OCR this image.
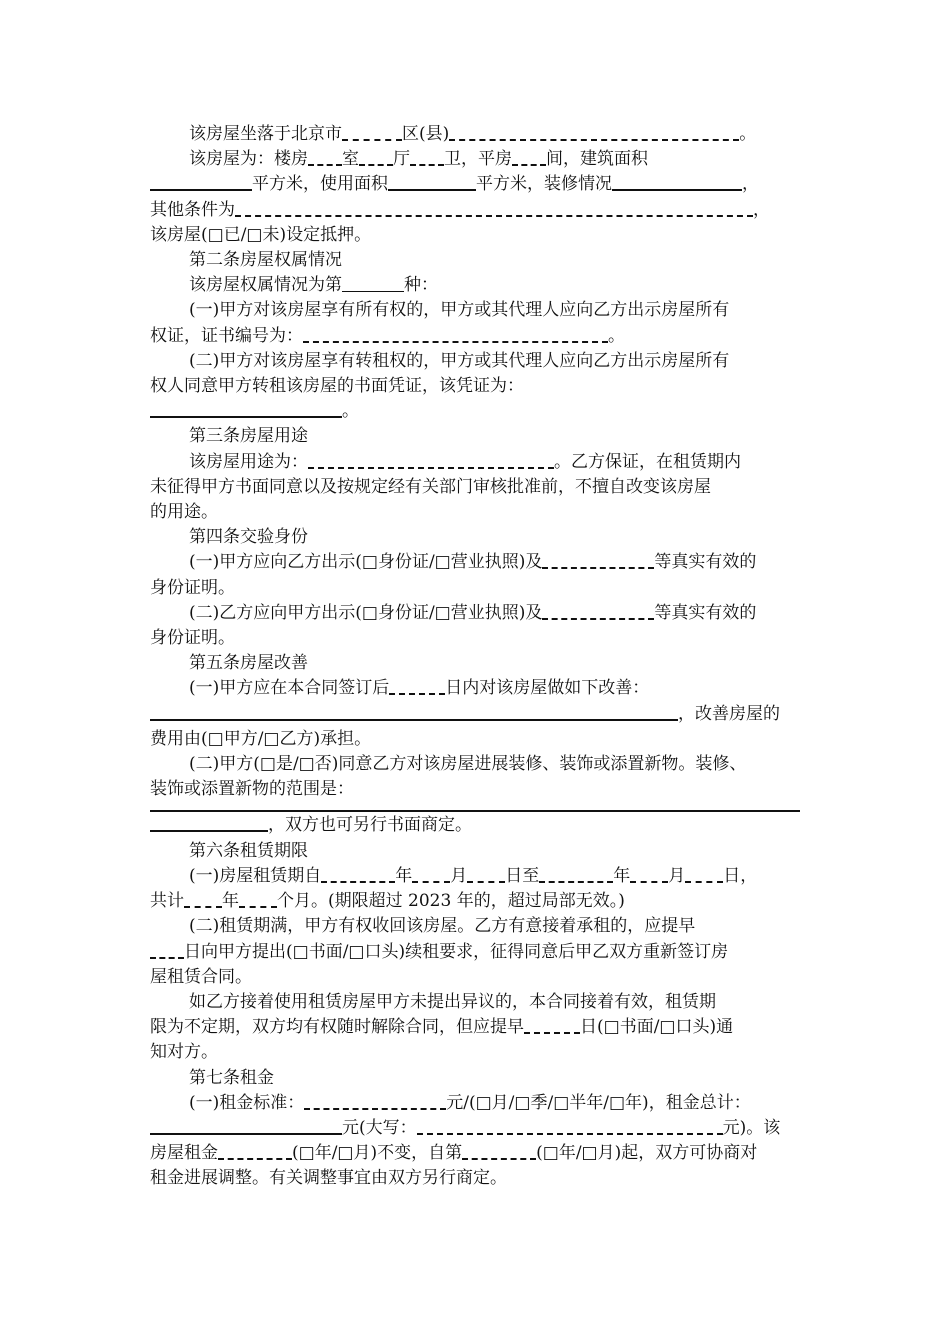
该房屋坐落于北京市	区(县)	。

该房屋为：楼房 室 厅 卫，平房 间，建筑面积

平方米，使用面积	平方米，装修情况	，

其他条件为	，

该房屋(□已/□未)设定抵押。

第二条房屋权属情况

该房屋权属情况为第	种：

(一)甲方对该房屋享有所有权的，甲方或其代理人应向乙方出示房屋所有

权证，证书编号为：	。

(二)甲方对该房屋享有转租权的，甲方或其代理人应向乙方出示房屋所有

权人同意甲方转租该房屋的书面凭证，该凭证为：

。

第三条房屋用途

该房屋用途为：	。乙方保证，在租赁期内

未征得甲方书面同意以及按规定经有关部门审核批准前，不擅自改变该房屋

的用途。

第四条交验身份

(一)甲方应向乙方出示(□身份证/□营业执照)及	等真实有效的

身份证明。

(二)乙方应向甲方出示(□身份证/□营业执照)及	等真实有效的

身份证明。

第五条房屋改善

(一)甲方应在本合同签订后	日内对该房屋做如下改善：

，改善房屋的

费用由(□甲方/□乙方)承担。

(二)甲方(□是/□否)同意乙方对该房屋进展装修、装饰或添置新物。装修、

装饰或添置新物的范围是：

，双方也可另行书面商定。

第六条租赁期限

(一)房屋租赁期自	年 月 日至	年 月 日，

共计 年 个月。(期限超过 2023 年的，超过局部无效。)

(二)租赁期满，甲方有权收回该房屋。乙方有意接着承租的，应提早

日向甲方提出(□书面/□口头)续租要求，征得同意后甲乙双方重新签订房

屋租赁合同。

如乙方接着使用租赁房屋甲方未提出异议的，本合同接着有效，租赁期

限为不定期，双方均有权随时解除合同，但应提早	日(□书面/□口头)通

知对方。

第七条租金

(一)租金标准：	元/(□月/□季/□半年/□年)，租金总计：

元(大写：	元)。该

房屋租金	(□年/□月)不变，自第	(□年/□月)起，双方可协商对

租金进展调整。有关调整事宜由双方另行商定。
